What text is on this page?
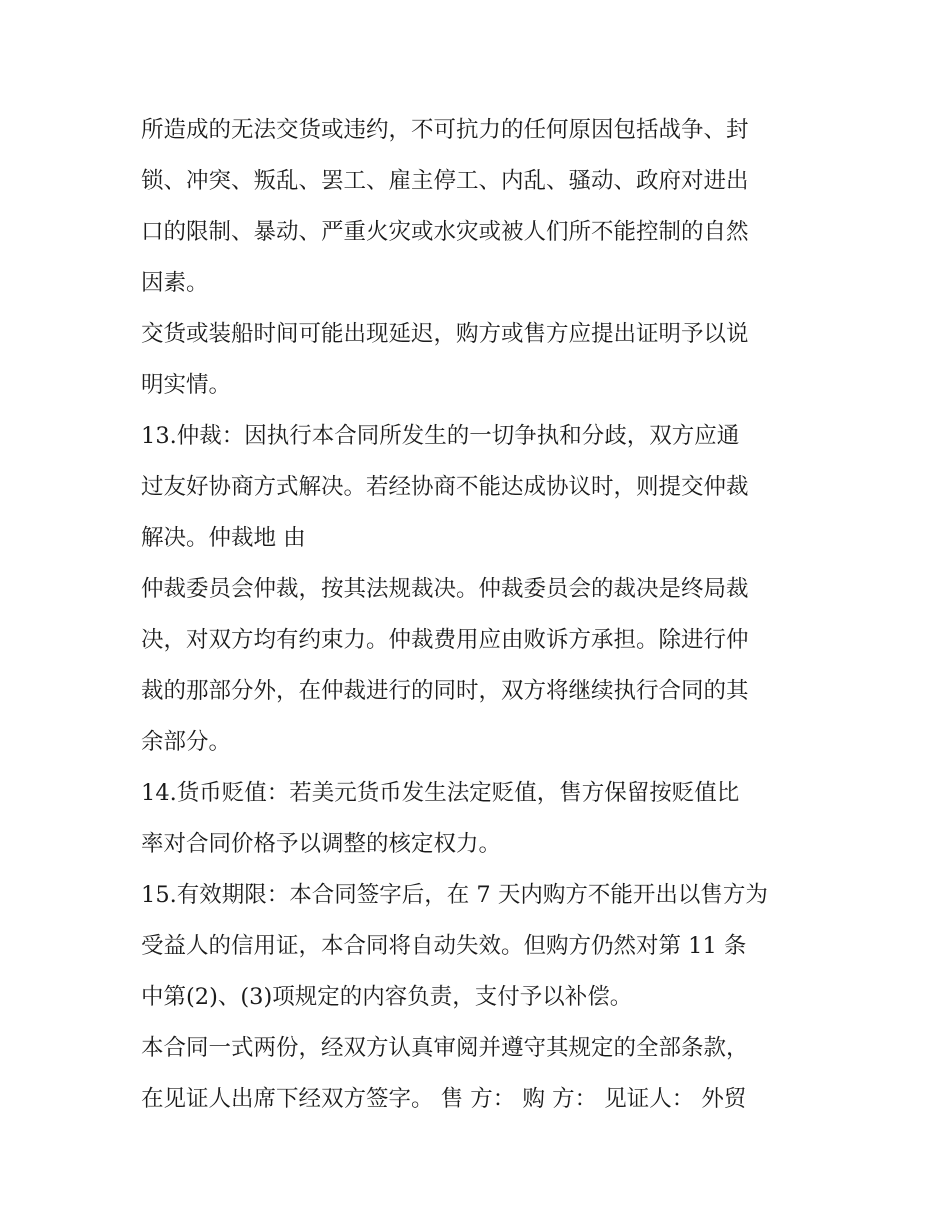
所造成的无法交货或违约，不可抗力的任何原因包括战争、封
锁、冲突、叛乱、罢工、雇主停工、内乱、骚动、政府对进出
口的限制、暴动、严重火灾或水灾或被人们所不能控制的自然
因素。
交货或装船时间可能出现延迟，购方或售方应提出证明予以说
明实情。
13.仲裁：因执行本合同所发生的一切争执和分歧，双方应通
过友好协商方式解决。若经协商不能达成协议时，则提交仲裁
解决。仲裁地 由
仲裁委员会仲裁，按其法规裁决。仲裁委员会的裁决是终局裁
决，对双方均有约束力。仲裁费用应由败诉方承担。除进行仲
裁的那部分外，在仲裁进行的同时，双方将继续执行合同的其
余部分。
14.货币贬值：若美元货币发生法定贬值，售方保留按贬值比
率对合同价格予以调整的核定权力。
15.有效期限：本合同签字后，在 7 天内购方不能开出以售方为
受益人的信用证，本合同将自动失效。但购方仍然对第 11 条
中第(2)、(3)项规定的内容负责，支付予以补偿。
本合同一式两份，经双方认真审阅并遵守其规定的全部条款，
在见证人出席下经双方签字。 售 方： 购 方： 见证人： 外贸
